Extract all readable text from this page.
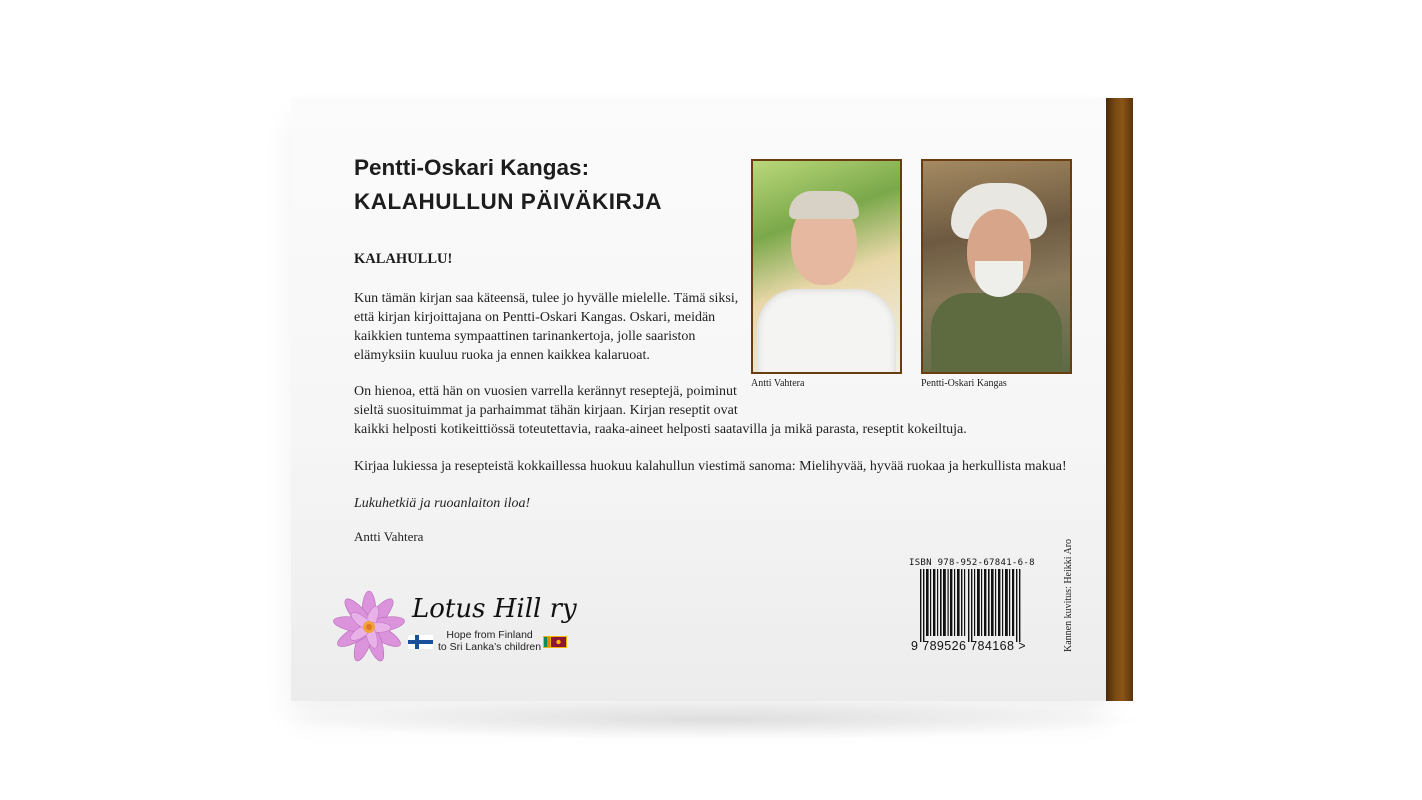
Pentti-Oskari Kangas:
KALAHULLUN PÄIVÄKIRJA
KALAHULLU!
Kun tämän kirjan saa käteensä, tulee jo hyvälle mielelle. Tämä siksi,
että kirjan kirjoittajana on Pentti-Oskari Kangas. Oskari, meidän
kaikkien tuntema sympaattinen tarinankertoja, jolle saariston
elämyksiin kuuluu ruoka ja ennen kaikkea kalaruoat.
On hienoa, että hän on vuosien varrella kerännyt reseptejä, poiminut
sieltä suosituimmat ja parhaimmat tähän kirjaan. Kirjan reseptit ovat
kaikki helposti kotikeittiössä toteutettavia, raaka-aineet helposti saatavilla ja mikä parasta, reseptit kokeiltuja.
Kirjaa lukiessa ja resepteistä kokkaillessa huokuu kalahullun viestimä sanoma: Mielihyvää, hyvää ruokaa ja herkullista makua!
Lukuhetkiä ja ruoanlaiton iloa!
Antti Vahtera
Antti Vahtera	Pentti-Oskari Kangas
Lotus Hill ry
Hope from Finland
to Sri Lanka’s children
ISBN 978-952-67841-6-8
9 789526 784168 >	Kannen kuvitus: Heikki Aro
